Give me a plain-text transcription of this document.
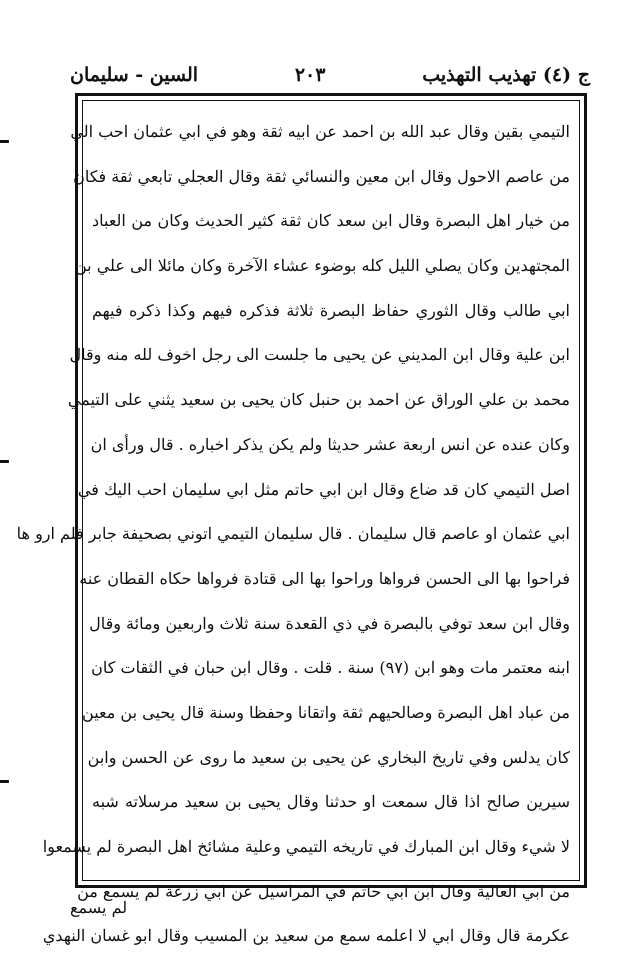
ج (٤) تهذيب التهذيب
٢٠٣
السين - سليمان
التيمي بقين وقال عبد الله بن احمد عن ابيه ثقة وهو في ابي عثمان احب الي
من عاصم الاحول وقال ابن معين والنسائي ثقة وقال العجلي تابعي ثقة فكان
من خيار اهل البصرة وقال ابن سعد كان ثقة كثير الحديث وكان من العباد
المجتهدين وكان يصلي الليل كله بوضوء عشاء الآخرة وكان مائلا الى علي بن
ابي طالب وقال الثوري حفاظ البصرة ثلاثة فذكره فيهم وكذا ذكره فيهم
ابن علية وقال ابن المديني عن يحيى ما جلست الى رجل اخوف لله منه وقال
محمد بن علي الوراق عن احمد بن حنبل كان يحيى بن سعيد يثني على التيمي
وكان عنده عن انس اربعة عشر حديثا ولم يكن يذكر اخباره . قال ورأى ان
اصل التيمي كان قد ضاع وقال ابن ابي حاتم مثل ابي سليمان احب اليك في
ابي عثمان او عاصم قال سليمان . قال سليمان التيمي اتوني بصحيفة جابر فلم ارو ها
فراحوا بها الى الحسن فرواها وراحوا بها الى قتادة فرواها حكاه القطان عنه
وقال ابن سعد توفي بالبصرة في ذي القعدة سنة ثلاث واربعين ومائة وقال
ابنه معتمر مات وهو ابن (٩٧) سنة . قلت . وقال ابن حبان في الثقات كان
من عباد اهل البصرة وصالحيهم ثقة واتقانا وحفظا وسنة قال يحيى بن معين
كان يدلس وفي تاريخ البخاري عن يحيى بن سعيد ما روى عن الحسن وابن
سيرين صالح اذا قال سمعت او حدثنا وقال يحيى بن سعيد مرسلاته شبه
لا شيء وقال ابن المبارك في تاريخه التيمي وعلية مشائخ اهل البصرة لم يسمعوا
من ابي العالية وقال ابن ابي حاتم في المراسيل عن ابي زرعة لم يسمع من
عكرمة قال وقال ابي لا اعلمه سمع من سعيد بن المسيب وقال ابو غسان النهدي
لم يسمع
